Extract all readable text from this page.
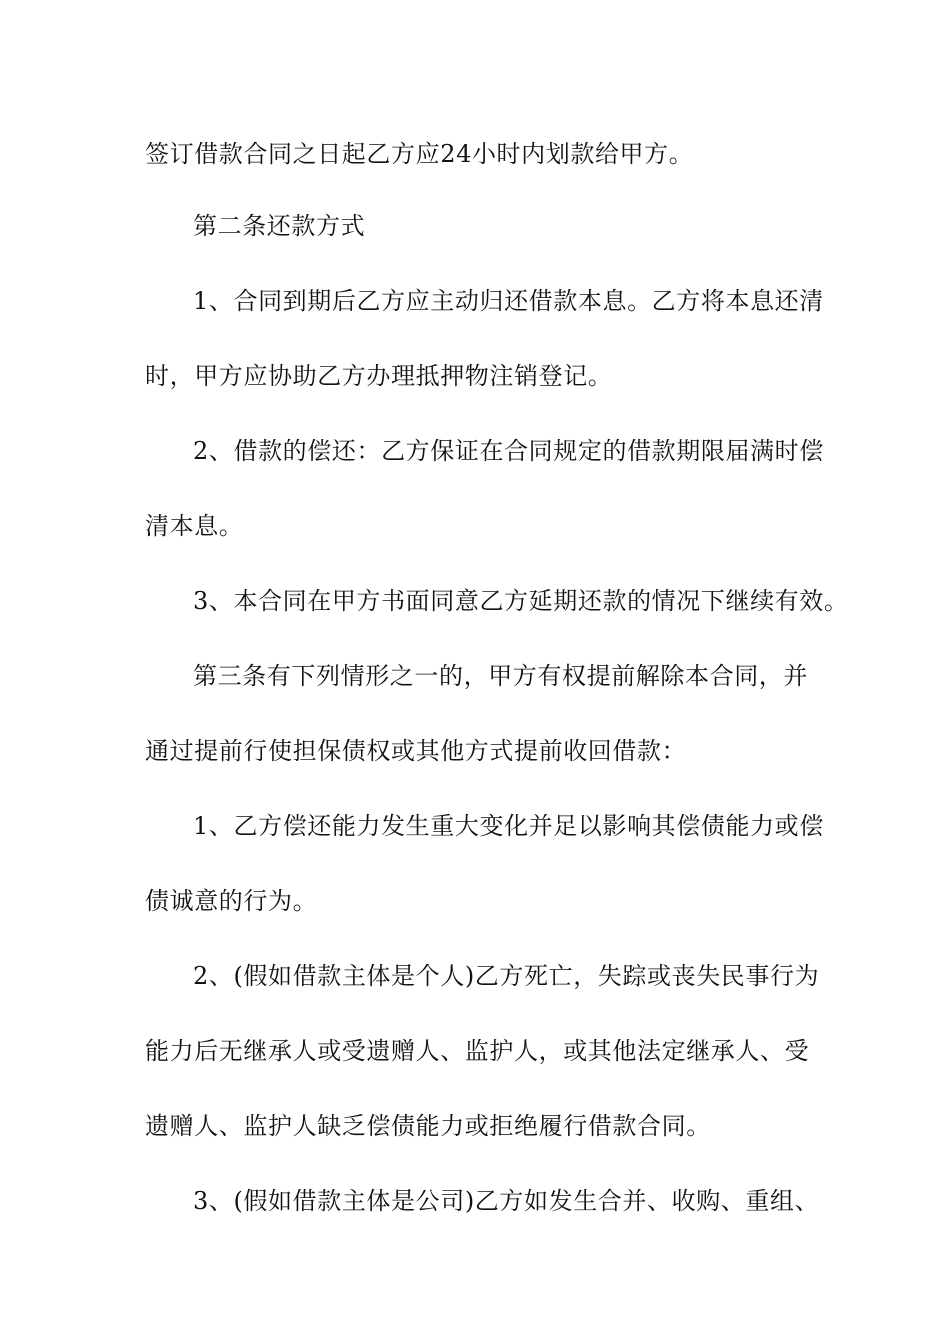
签订借款合同之日起乙方应24小时内划款给甲方。

第二条还款方式

1、合同到期后乙方应主动归还借款本息。乙方将本息还清

时，甲方应协助乙方办理抵押物注销登记。

2、借款的偿还：乙方保证在合同规定的借款期限届满时偿

清本息。

3、本合同在甲方书面同意乙方延期还款的情况下继续有效。

第三条有下列情形之一的，甲方有权提前解除本合同，并

通过提前行使担保债权或其他方式提前收回借款：

1、乙方偿还能力发生重大变化并足以影响其偿债能力或偿

债诚意的行为。

2、(假如借款主体是个人)乙方死亡，失踪或丧失民事行为

能力后无继承人或受遗赠人、监护人，或其他法定继承人、受

遗赠人、监护人缺乏偿债能力或拒绝履行借款合同。

3、(假如借款主体是公司)乙方如发生合并、收购、重组、
